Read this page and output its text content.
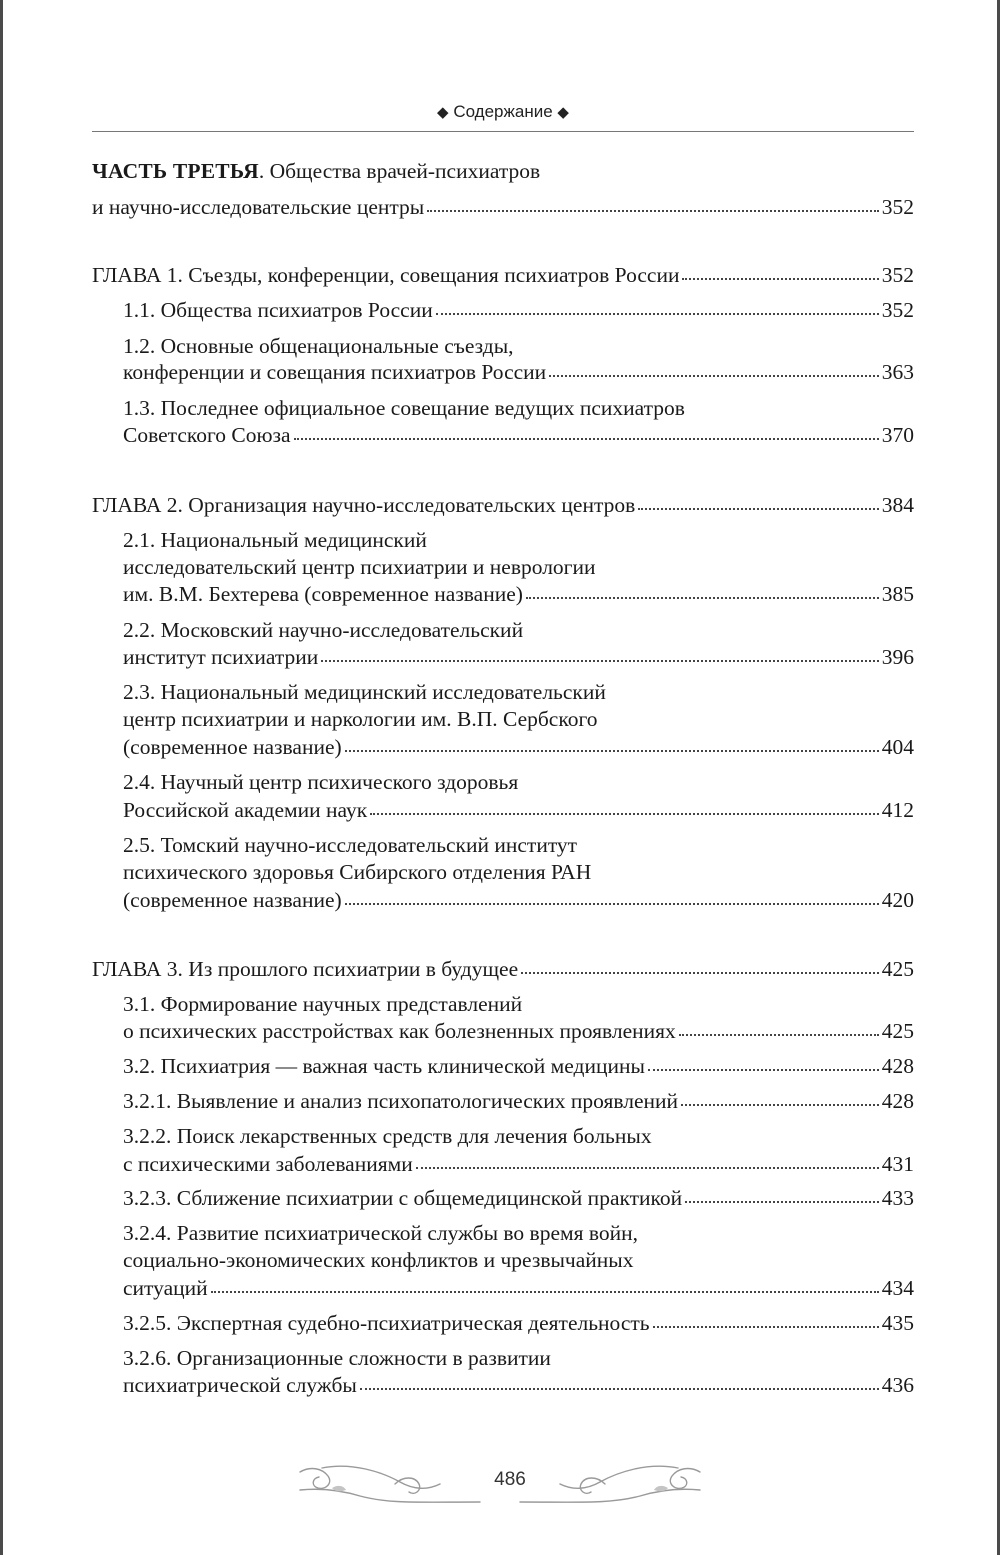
◆ Содержание ◆
ЧАСТЬ ТРЕТЬЯ. Общества врачей-психиатров
и научно-исследовательские центры	352
ГЛАВА 1. Съезды, конференции, совещания психиатров России	352
1.1. Общества психиатров России	352
1.2. Основные общенациональные съезды,
конференции и совещания психиатров России	363
1.3. Последнее официальное совещание ведущих психиатров
Советского Союза	370
ГЛАВА 2. Организация научно-исследовательских центров	384
2.1. Национальный медицинский
исследовательский центр психиатрии и неврологии
им. В.М. Бехтерева (современное название)	385
2.2. Московский научно-исследовательский
институт психиатрии	396
2.3. Национальный медицинский исследовательский
центр психиатрии и наркологии им. В.П. Сербского
(современное название)	404
2.4. Научный центр психического здоровья
Российской академии наук	412
2.5. Томский научно-исследовательский институт
психического здоровья Сибирского отделения РАН
(современное название)	420
ГЛАВА 3. Из прошлого психиатрии в будущее	425
3.1. Формирование научных представлений
о психических расстройствах как болезненных проявлениях	425
3.2. Психиатрия — важная часть клинической медицины	428
3.2.1. Выявление и анализ психопатологических проявлений	428
3.2.2. Поиск лекарственных средств для лечения больных
с психическими заболеваниями	431
3.2.3. Сближение психиатрии с общемедицинской практикой	433
3.2.4. Развитие психиатрической службы во время войн,
социально-экономических конфликтов и чрезвычайных
ситуаций	434
3.2.5. Экспертная судебно-психиатрическая деятельность	435
3.2.6. Организационные сложности в развитии
психиатрической службы	436
486
